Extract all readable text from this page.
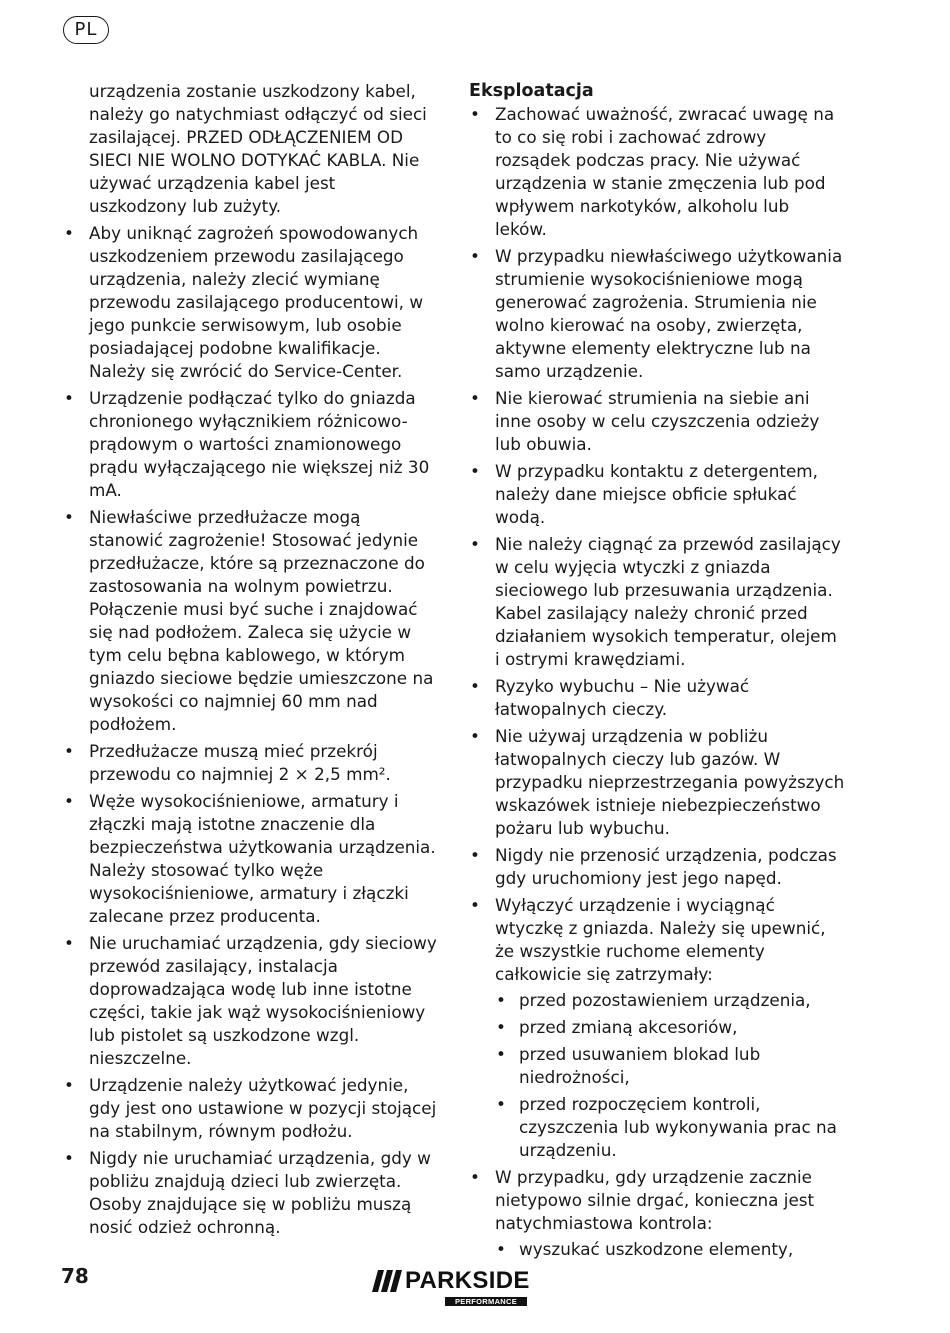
PL

urządzenia zostanie uszkodzony kabel, należy go natychmiast odłączyć od sieci zasilającej. PRZED ODŁĄCZENIEM OD SIECI NIE WOLNO DOTYKAĆ KABLA. Nie używać urządzenia kabel jest uszkodzony lub zużyty.

• Aby uniknąć zagrożeń spowodowanych uszkodzeniem przewodu zasilającego urządzenia, należy zlecić wymianę przewodu zasilającego producentowi, w jego punkcie serwisowym, lub osobie posiadającej podobne kwalifikacje. Należy się zwrócić do Service-Center.
• Urządzenie podłączać tylko do gniazda chronionego wyłącznikiem różnicowo-prądowym o wartości znamionowego prądu wyłączającego nie większej niż 30 mA.
• Niewłaściwe przedłużacze mogą stanowić zagrożenie! Stosować jedynie przedłużacze, które są przeznaczone do zastosowania na wolnym powietrzu. Połączenie musi być suche i znajdować się nad podłożem. Zaleca się użycie w tym celu bębna kablowego, w którym gniazdo sieciowe będzie umieszczone na wysokości co najmniej 60 mm nad podłożem.
• Przedłużacze muszą mieć przekrój przewodu co najmniej 2 × 2,5 mm².
• Węże wysokociśnieniowe, armatury i złączki mają istotne znaczenie dla bezpieczeństwa użytkowania urządzenia. Należy stosować tylko węże wysokociśnieniowe, armatury i złączki zalecane przez producenta.
• Nie uruchamiać urządzenia, gdy sieciowy przewód zasilający, instalacja doprowadzająca wodę lub inne istotne części, takie jak wąż wysokociśnieniowy lub pistolet są uszkodzone wzgl. nieszczelne.
• Urządzenie należy użytkować jedynie, gdy jest ono ustawione w pozycji stojącej na stabilnym, równym podłożu.
• Nigdy nie uruchamiać urządzenia, gdy w pobliżu znajdują dzieci lub zwierzęta. Osoby znajdujące się w pobliżu muszą nosić odzież ochronną.

Eksploatacja

• Zachować uważność, zwracać uwagę na to co się robi i zachować zdrowy rozsądek podczas pracy. Nie używać urządzenia w stanie zmęczenia lub pod wpływem narkotyków, alkoholu lub leków.
• W przypadku niewłaściwego użytkowania strumienie wysokociśnieniowe mogą generować zagrożenia. Strumienia nie wolno kierować na osoby, zwierzęta, aktywne elementy elektryczne lub na samo urządzenie.
• Nie kierować strumienia na siebie ani inne osoby w celu czyszczenia odzieży lub obuwia.
• W przypadku kontaktu z detergentem, należy dane miejsce obficie spłukać wodą.
• Nie należy ciągnąć za przewód zasilający w celu wyjęcia wtyczki z gniazda sieciowego lub przesuwania urządzenia. Kabel zasilający należy chronić przed działaniem wysokich temperatur, olejem i ostrymi krawędziami.
• Ryzyko wybuchu – Nie używać łatwopalnych cieczy.
• Nie używaj urządzenia w pobliżu łatwopalnych cieczy lub gazów. W przypadku nieprzestrzegania powyższych wskazówek istnieje niebezpieczeństwo pożaru lub wybuchu.
• Nigdy nie przenosić urządzenia, podczas gdy uruchomiony jest jego napęd.
• Wyłączyć urządzenie i wyciągnąć wtyczkę z gniazda. Należy się upewnić, że wszystkie ruchome elementy całkowicie się zatrzymały:
• przed pozostawieniem urządzenia,
• przed zmianą akcesoriów,
• przed usuwaniem blokad lub niedrożności,
• przed rozpoczęciem kontroli, czyszczenia lub wykonywania prac na urządzeniu.
• W przypadku, gdy urządzenie zacznie nietypowo silnie drgać, konieczna jest natychmiastowa kontrola:
• wyszukać uszkodzone elementy,
78	PARKSIDE
PERFORMANCE
